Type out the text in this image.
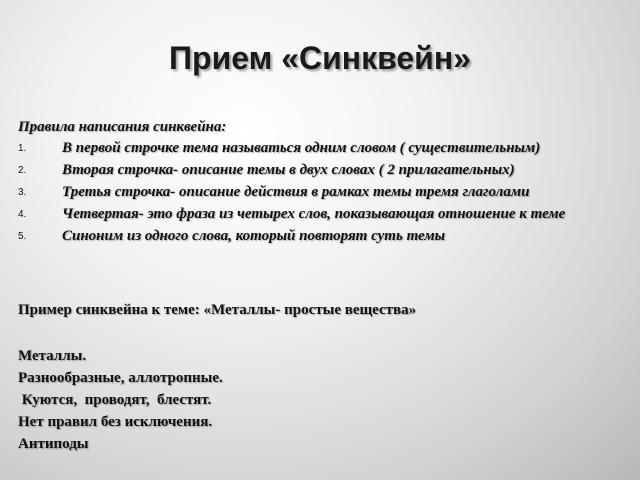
Прием «Синквейн»
Правила написания синквейна:
1. В первой строчке тема называться одним словом ( существительным)
2. Вторая строчка- описание темы в двух словах ( 2 прилагательных)
3. Третья строчка- описание действия в рамках темы тремя глаголами
4. Четвертая- это фраза из четырех слов, показывающая отношение к теме
5. Синоним из одного слова, который повторят суть темы
Пример синквейна к теме: «Металлы- простые вещества»
Металлы.
Разнообразные, аллотропные.
Куются,  проводят,  блестят.
Нет правил без исключения.
Антиподы
